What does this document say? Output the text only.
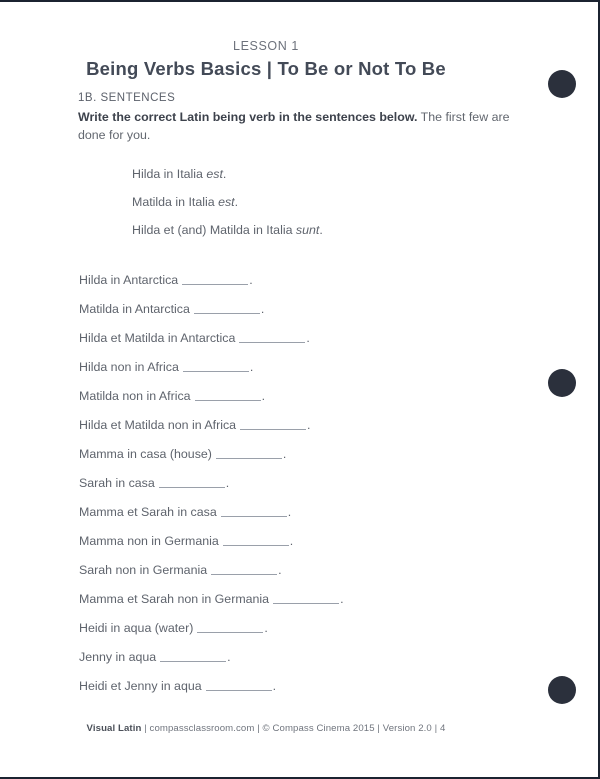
LESSON 1
Being Verbs Basics | To Be or Not To Be
1B. SENTENCES
Write the correct Latin being verb in the sentences below. The first few are done for you.
Hilda in Italia est.
Matilda in Italia est.
Hilda et (and) Matilda in Italia sunt.
Hilda in Antarctica	.
Matilda in Antarctica	.
Hilda et Matilda in Antarctica	.
Hilda non in Africa	.
Matilda non in Africa	.
Hilda et Matilda non in Africa	.
Mamma in casa (house)	.
Sarah in casa	.
Mamma et Sarah in casa	.
Mamma non in Germania	.
Sarah non in Germania	.
Mamma et Sarah non in Germania	.
Heidi in aqua (water)	.
Jenny in aqua	.
Heidi et Jenny in aqua	.
Visual Latin | compassclassroom.com | © Compass Cinema 2015 | Version 2.0 | 4
